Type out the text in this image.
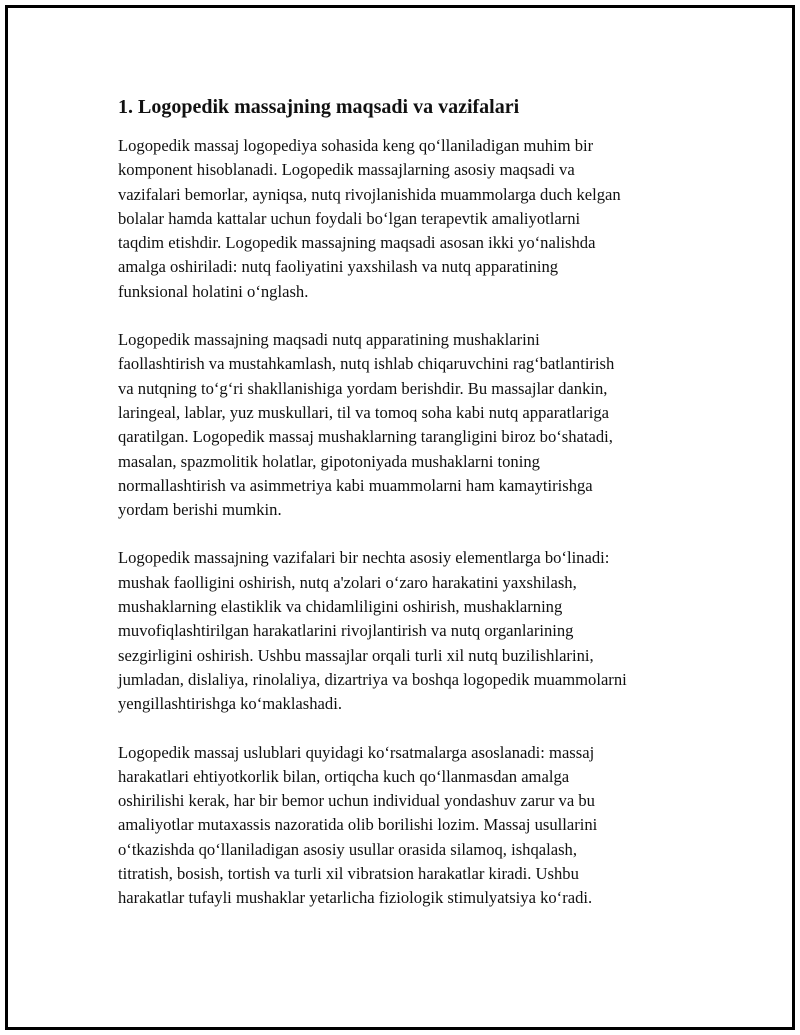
1. Logopedik massajning maqsadi va vazifalari
Logopedik massaj logopediya sohasida keng qo‘llaniladigan muhim bir
komponent hisoblanadi. Logopedik massajlarning asosiy maqsadi va
vazifalari bemorlar, ayniqsa, nutq rivojlanishida muammolarga duch kelgan
bolalar hamda kattalar uchun foydali bo‘lgan terapevtik amaliyotlarni
taqdim etishdir. Logopedik massajning maqsadi asosan ikki yo‘nalishda
amalga oshiriladi: nutq faoliyatini yaxshilash va nutq apparatining
funksional holatini o‘nglash.
Logopedik massajning maqsadi nutq apparatining mushaklarini
faollashtirish va mustahkamlash, nutq ishlab chiqaruvchini rag‘batlantirish
va nutqning to‘g‘ri shakllanishiga yordam berishdir. Bu massajlar dankin,
laringeal, lablar, yuz muskullari, til va tomoq soha kabi nutq apparatlariga
qaratilgan. Logopedik massaj mushaklarning tarangligini biroz bo‘shatadi,
masalan, spazmolitik holatlar, gipotoniyada mushaklarni toning
normallashtirish va asimmetriya kabi muammolarni ham kamaytirishga
yordam berishi mumkin.
Logopedik massajning vazifalari bir nechta asosiy elementlarga bo‘linadi:
mushak faolligini oshirish, nutq a'zolari o‘zaro harakatini yaxshilash,
mushaklarning elastiklik va chidamliligini oshirish, mushaklarning
muvofiqlashtirilgan harakatlarini rivojlantirish va nutq organlarining
sezgirligini oshirish. Ushbu massajlar orqali turli xil nutq buzilishlarini,
jumladan, dislaliya, rinolaliya, dizartriya va boshqa logopedik muammolarni
yengillashtirishga ko‘maklashadi.
Logopedik massaj uslublari quyidagi ko‘rsatmalarga asoslanadi: massaj
harakatlari ehtiyotkorlik bilan, ortiqcha kuch qo‘llanmasdan amalga
oshirilishi kerak, har bir bemor uchun individual yondashuv zarur va bu
amaliyotlar mutaxassis nazoratida olib borilishi lozim. Massaj usullarini
o‘tkazishda qo‘llaniladigan asosiy usullar orasida silamoq, ishqalash,
titratish, bosish, tortish va turli xil vibratsion harakatlar kiradi. Ushbu
harakatlar tufayli mushaklar yetarlicha fiziologik stimulyatsiya ko‘radi.
